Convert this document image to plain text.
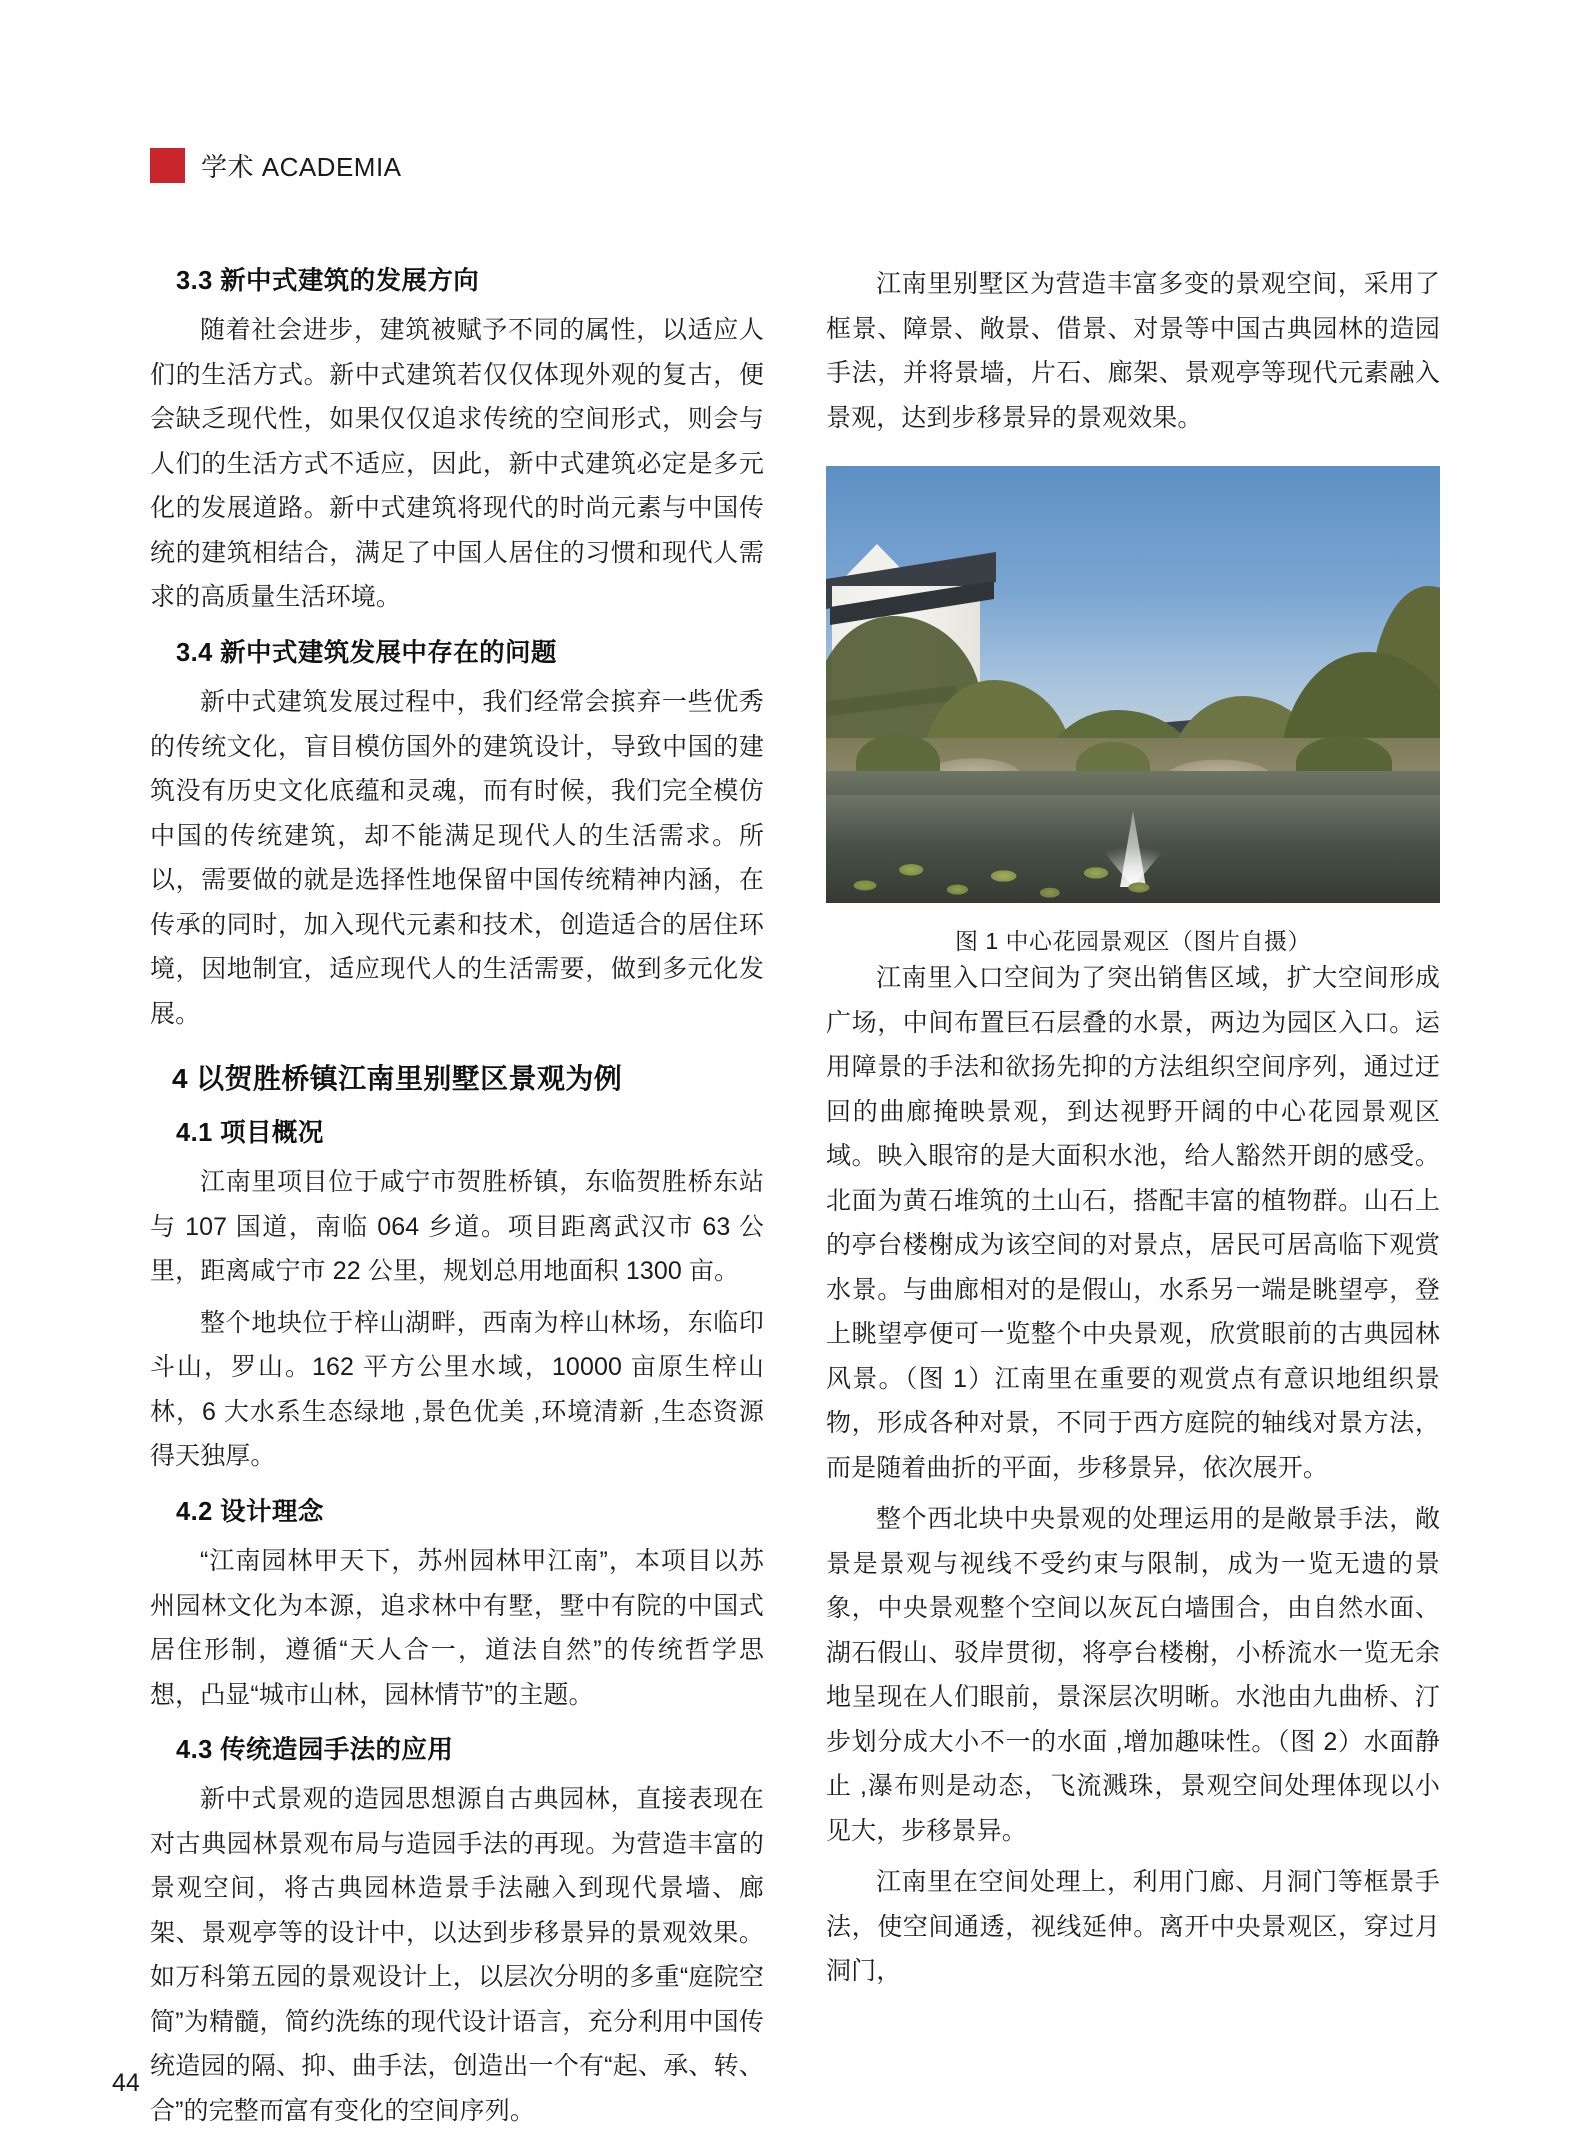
学术 ACADEMIA
3.3 新中式建筑的发展方向

随着社会进步，建筑被赋予不同的属性，以适应人们的生活方式。新中式建筑若仅仅体现外观的复古，便会缺乏现代性，如果仅仅追求传统的空间形式，则会与人们的生活方式不适应，因此，新中式建筑必定是多元化的发展道路。新中式建筑将现代的时尚元素与中国传统的建筑相结合，满足了中国人居住的习惯和现代人需求的高质量生活环境。

3.4 新中式建筑发展中存在的问题

新中式建筑发展过程中，我们经常会摈弃一些优秀的传统文化，盲目模仿国外的建筑设计，导致中国的建筑没有历史文化底蕴和灵魂，而有时候，我们完全模仿中国的传统建筑，却不能满足现代人的生活需求。所以，需要做的就是选择性地保留中国传统精神内涵，在传承的同时，加入现代元素和技术，创造适合的居住环境，因地制宜，适应现代人的生活需要，做到多元化发展。

4 以贺胜桥镇江南里别墅区景观为例
4.1 项目概况

江南里项目位于咸宁市贺胜桥镇，东临贺胜桥东站与 107 国道，南临 064 乡道。项目距离武汉市 63 公里，距离咸宁市 22 公里，规划总用地面积 1300 亩。

整个地块位于梓山湖畔，西南为梓山林场，东临印斗山，罗山。162 平方公里水域，10000 亩原生梓山林，6 大水系生态绿地 ,景色优美 ,环境清新 ,生态资源得天独厚。

4.2 设计理念

“江南园林甲天下，苏州园林甲江南”，本项目以苏州园林文化为本源，追求林中有墅，墅中有院的中国式居住形制，遵循“天人合一，道法自然”的传统哲学思想，凸显“城市山林，园林情节”的主题。

4.3 传统造园手法的应用

新中式景观的造园思想源自古典园林，直接表现在对古典园林景观布局与造园手法的再现。为营造丰富的景观空间，将古典园林造景手法融入到现代景墙、廊架、景观亭等的设计中，以达到步移景异的景观效果。如万科第五园的景观设计上，以层次分明的多重“庭院空简”为精髓，简约洗练的现代设计语言，充分利用中国传统造园的隔、抑、曲手法，创造出一个有“起、承、转、合”的完整而富有变化的空间序列。

江南里别墅区为营造丰富多变的景观空间，采用了框景、障景、敞景、借景、对景等中国古典园林的造园手法，并将景墙，片石、廊架、景观亭等现代元素融入景观，达到步移景异的景观效果。

图 1 中心花园景观区（图片自摄）

江南里入口空间为了突出销售区域，扩大空间形成广场，中间布置巨石层叠的水景，两边为园区入口。运用障景的手法和欲扬先抑的方法组织空间序列，通过迂回的曲廊掩映景观，到达视野开阔的中心花园景观区域。映入眼帘的是大面积水池，给人豁然开朗的感受。北面为黄石堆筑的土山石，搭配丰富的植物群。山石上的亭台楼榭成为该空间的对景点，居民可居高临下观赏水景。与曲廊相对的是假山，水系另一端是眺望亭，登上眺望亭便可一览整个中央景观，欣赏眼前的古典园林风景。（图 1）江南里在重要的观赏点有意识地组织景物，形成各种对景，不同于西方庭院的轴线对景方法，而是随着曲折的平面，步移景异，依次展开。

整个西北块中央景观的处理运用的是敞景手法，敞景是景观与视线不受约束与限制，成为一览无遗的景象，中央景观整个空间以灰瓦白墙围合，由自然水面、湖石假山、驳岸贯彻，将亭台楼榭，小桥流水一览无余地呈现在人们眼前，景深层次明晰。水池由九曲桥、汀步划分成大小不一的水面 ,增加趣味性。（图 2）水面静止 ,瀑布则是动态，飞流溅珠，景观空间处理体现以小见大，步移景异。

江南里在空间处理上，利用门廊、月洞门等框景手法，使空间通透，视线延伸。离开中央景观区，穿过月洞门，

44
